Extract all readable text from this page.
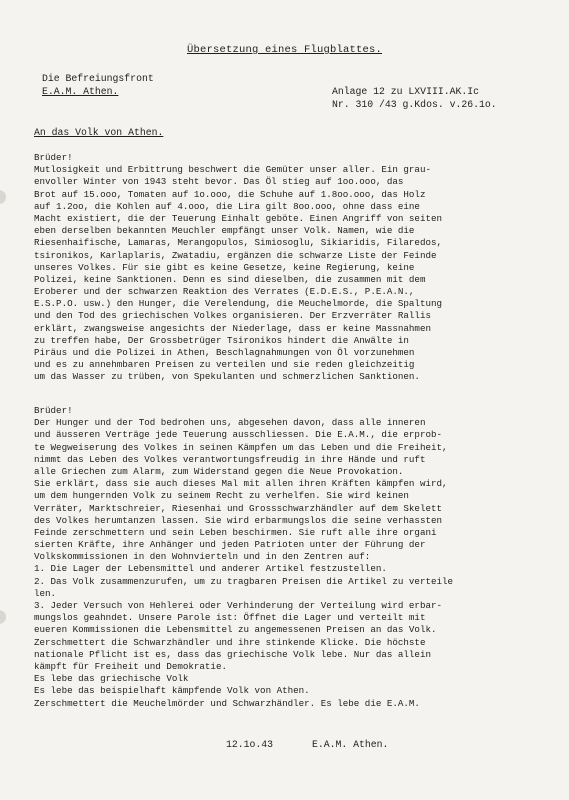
Übersetzung eines Flugblattes.
Die Befreiungsfront
E.A.M. Athen.	Anlage 12 zu LXVIII.AK.Ic
Nr. 310 /43 g.Kdos. v.26.1o.
An das Volk von Athen.
Brüder!
Mutlosigkeit und Erbittrung beschwert die Gemüter unser aller. Ein grau-
envoller Winter von 1943 steht bevor. Das Öl stieg auf 1oo.ooo, das
Brot auf 15.ooo, Tomaten auf 1o.ooo, die Schuhe auf 1.8oo.ooo, das Holz
auf 1.2oo, die Kohlen auf 4.ooo, die Lira gilt 8oo.ooo, ohne dass eine
Macht existiert, die der Teuerung Einhalt geböte. Einen Angriff von seiten
eben derselben bekannten Meuchler empfängt unser Volk. Namen, wie die
Riesenhaifische, Lamaras, Merangopulos, Simiosoglu, Sikiaridis, Filaredos,
tsironikos, Karlaplaris, Zwatadiu, ergänzen die schwarze Liste der Feinde
unseres Volkes. Für sie gibt es keine Gesetze, keine Regierung, keine
Polizei, keine Sanktionen. Denn es sind dieselben, die zusammen mit dem
Eroberer und der schwarzen Reaktion des Verrates (E.D.E.S., P.E.A.N.,
E.S.P.O. usw.) den Hunger, die Verelendung, die Meuchelmorde, die Spaltung
und den Tod des griechischen Volkes organisieren. Der Erzverräter Rallis
erklärt, zwangsweise angesichts der Niederlage, dass er keine Massnahmen
zu treffen habe, Der Grossbetrüger Tsironikos hindert die Anwälte in
Piräus und die Polizei in Athen, Beschlagnahmungen von Öl vorzunehmen
und es zu annehmbaren Preisen zu verteilen und sie reden gleichzeitig
um das Wasser zu trüben, von Spekulanten und schmerzlichen Sanktionen.
Brüder!
Der Hunger und der Tod bedrohen uns, abgesehen davon, dass alle inneren
und äusseren Verträge jede Teuerung ausschliessen. Die E.A.M., die erprob-
te Wegweiserung des Volkes in seinen Kämpfen um das Leben und die Freiheit,
nimmt das Leben des Volkes verantwortungsfreudig in ihre Hände und ruft
alle Griechen zum Alarm, zum Widerstand gegen die Neue Provokation.
Sie erklärt, dass sie auch dieses Mal mit allen ihren Kräften kämpfen wird,
um dem hungernden Volk zu seinem Recht zu verhelfen. Sie wird keinen
Verräter, Marktschreier, Riesenhai und Grossschwarzhändler auf dem Skelett
des Volkes herumtanzen lassen. Sie wird erbarmungslos die seine verhassten
Feinde zerschmettern und sein Leben beschirmen. Sie ruft alle ihre organi
sierten Kräfte, ihre Anhänger und jeden Patrioten unter der Führung der
Volkskommissionen in den Wohnvierteln und in den Zentren auf:
1. Die Lager der Lebensmittel und anderer Artikel festzustellen.
2. Das Volk zusammenzurufen, um zu tragbaren Preisen die Artikel zu verteile
len.
3. Jeder Versuch von Hehlerei oder Verhinderung der Verteilung wird erbar-
mungslos geahndet. Unsere Parole ist: Öffnet die Lager und verteilt mit
eueren Kommissionen die Lebensmittel zu angemessenen Preisen an das Volk.
Zerschmettert die Schwarzhändler und ihre stinkende Klicke. Die höchste
nationale Pflicht ist es, dass das griechische Volk lebe. Nur das allein
kämpft für Freiheit und Demokratie.
Es lebe das griechische Volk
Es lebe das beispielhaft kämpfende Volk von Athen.
Zerschmettert die Meuchelmörder und Schwarzhändler. Es lebe die E.A.M.
12.1o.43	E.A.M. Athen.
